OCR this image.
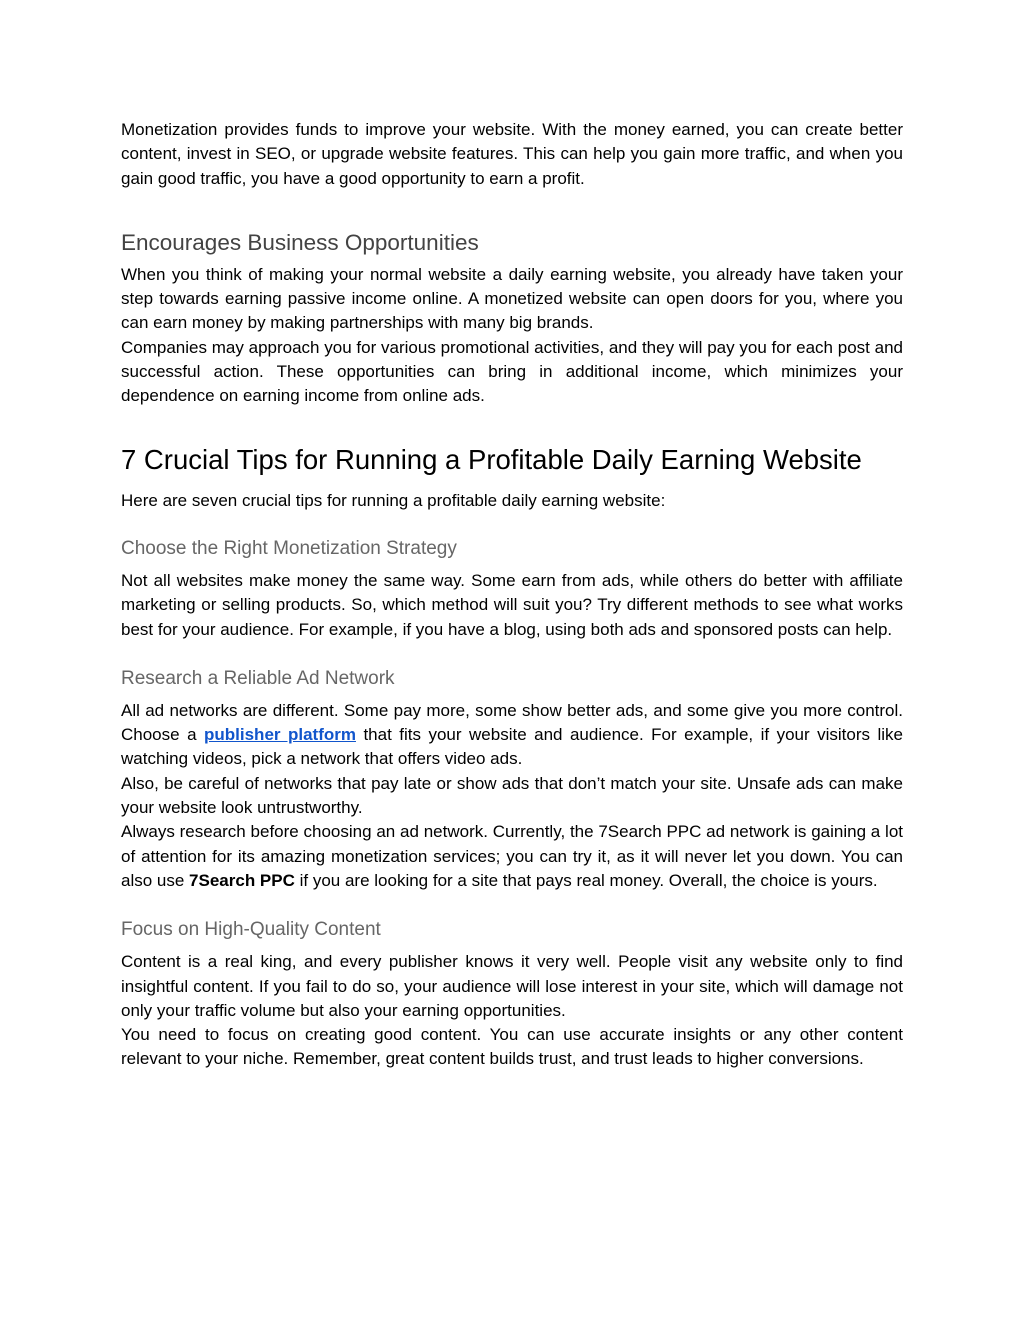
Monetization provides funds to improve your website. With the money earned, you can create better content, invest in SEO, or upgrade website features. This can help you gain more traffic, and when you gain good traffic, you have a good opportunity to earn a profit.

Encourages Business Opportunities

When you think of making your normal website a daily earning website, you already have taken your step towards earning passive income online. A monetized website can open doors for you, where you can earn money by making partnerships with many big brands.

Companies may approach you for various promotional activities, and they will pay you for each post and successful action. These opportunities can bring in additional income, which minimizes your dependence on earning income from online ads.

7 Crucial Tips for Running a Profitable Daily Earning Website

Here are seven crucial tips for running a profitable daily earning website:

Choose the Right Monetization Strategy

Not all websites make money the same way. Some earn from ads, while others do better with affiliate marketing or selling products. So, which method will suit you? Try different methods to see what works best for your audience. For example, if you have a blog, using both ads and sponsored posts can help.

Research a Reliable Ad Network

All ad networks are different. Some pay more, some show better ads, and some give you more control. Choose a publisher platform that fits your website and audience. For example, if your visitors like watching videos, pick a network that offers video ads.

Also, be careful of networks that pay late or show ads that don’t match your site. Unsafe ads can make your website look untrustworthy.

Always research before choosing an ad network. Currently, the 7Search PPC ad network is gaining a lot of attention for its amazing monetization services; you can try it, as it will never let you down. You can also use 7Search PPC if you are looking for a site that pays real money. Overall, the choice is yours.

Focus on High-Quality Content

Content is a real king, and every publisher knows it very well. People visit any website only to find insightful content. If you fail to do so, your audience will lose interest in your site, which will damage not only your traffic volume but also your earning opportunities.

You need to focus on creating good content. You can use accurate insights or any other content relevant to your niche. Remember, great content builds trust, and trust leads to higher conversions.
